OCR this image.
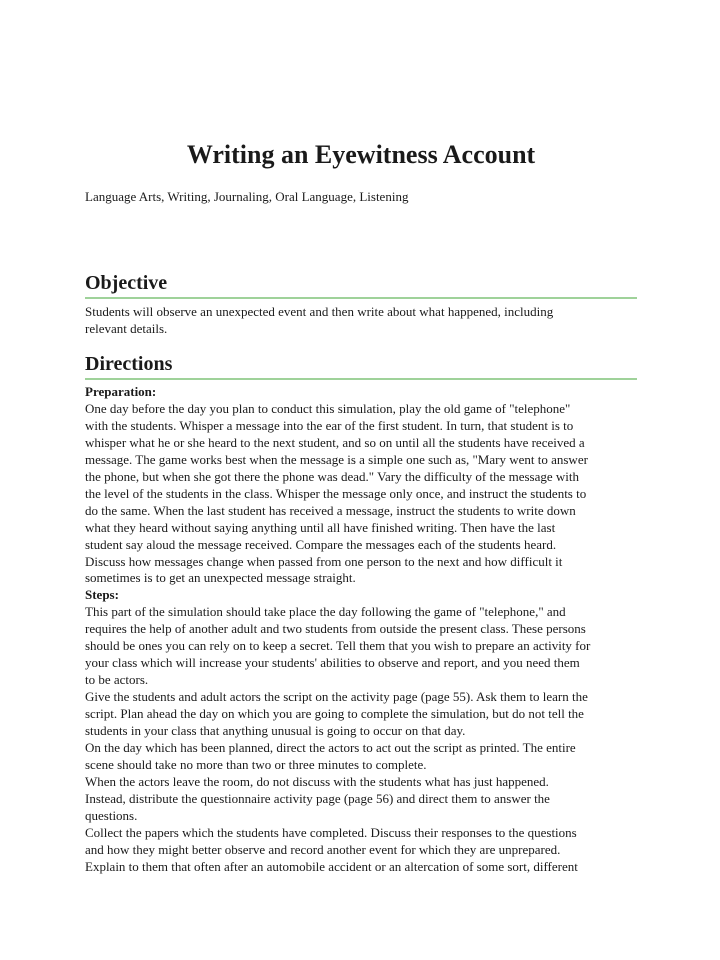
Writing an Eyewitness Account

Language Arts, Writing, Journaling, Oral Language, Listening

Objective
Students will observe an unexpected event and then write about what happened, including
relevant details.
Directions
Preparation:
One day before the day you plan to conduct this simulation, play the old game of "telephone"
with the students. Whisper a message into the ear of the first student. In turn, that student is to
whisper what he or she heard to the next student, and so on until all the students have received a
message. The game works best when the message is a simple one such as, "Mary went to answer
the phone, but when she got there the phone was dead." Vary the difficulty of the message with
the level of the students in the class. Whisper the message only once, and instruct the students to
do the same. When the last student has received a message, instruct the students to write down
what they heard without saying anything until all have finished writing. Then have the last
student say aloud the message received. Compare the messages each of the students heard.
Discuss how messages change when passed from one person to the next and how difficult it
sometimes is to get an unexpected message straight.
Steps:
This part of the simulation should take place the day following the game of "telephone," and
requires the help of another adult and two students from outside the present class. These persons
should be ones you can rely on to keep a secret. Tell them that you wish to prepare an activity for
your class which will increase your students' abilities to observe and report, and you need them
to be actors.
Give the students and adult actors the script on the activity page (page 55). Ask them to learn the
script. Plan ahead the day on which you are going to complete the simulation, but do not tell the
students in your class that anything unusual is going to occur on that day.
On the day which has been planned, direct the actors to act out the script as printed. The entire
scene should take no more than two or three minutes to complete.
When the actors leave the room, do not discuss with the students what has just happened.
Instead, distribute the questionnaire activity page (page 56) and direct them to answer the
questions.
Collect the papers which the students have completed. Discuss their responses to the questions
and how they might better observe and record another event for which they are unprepared.
Explain to them that often after an automobile accident or an altercation of some sort, different
